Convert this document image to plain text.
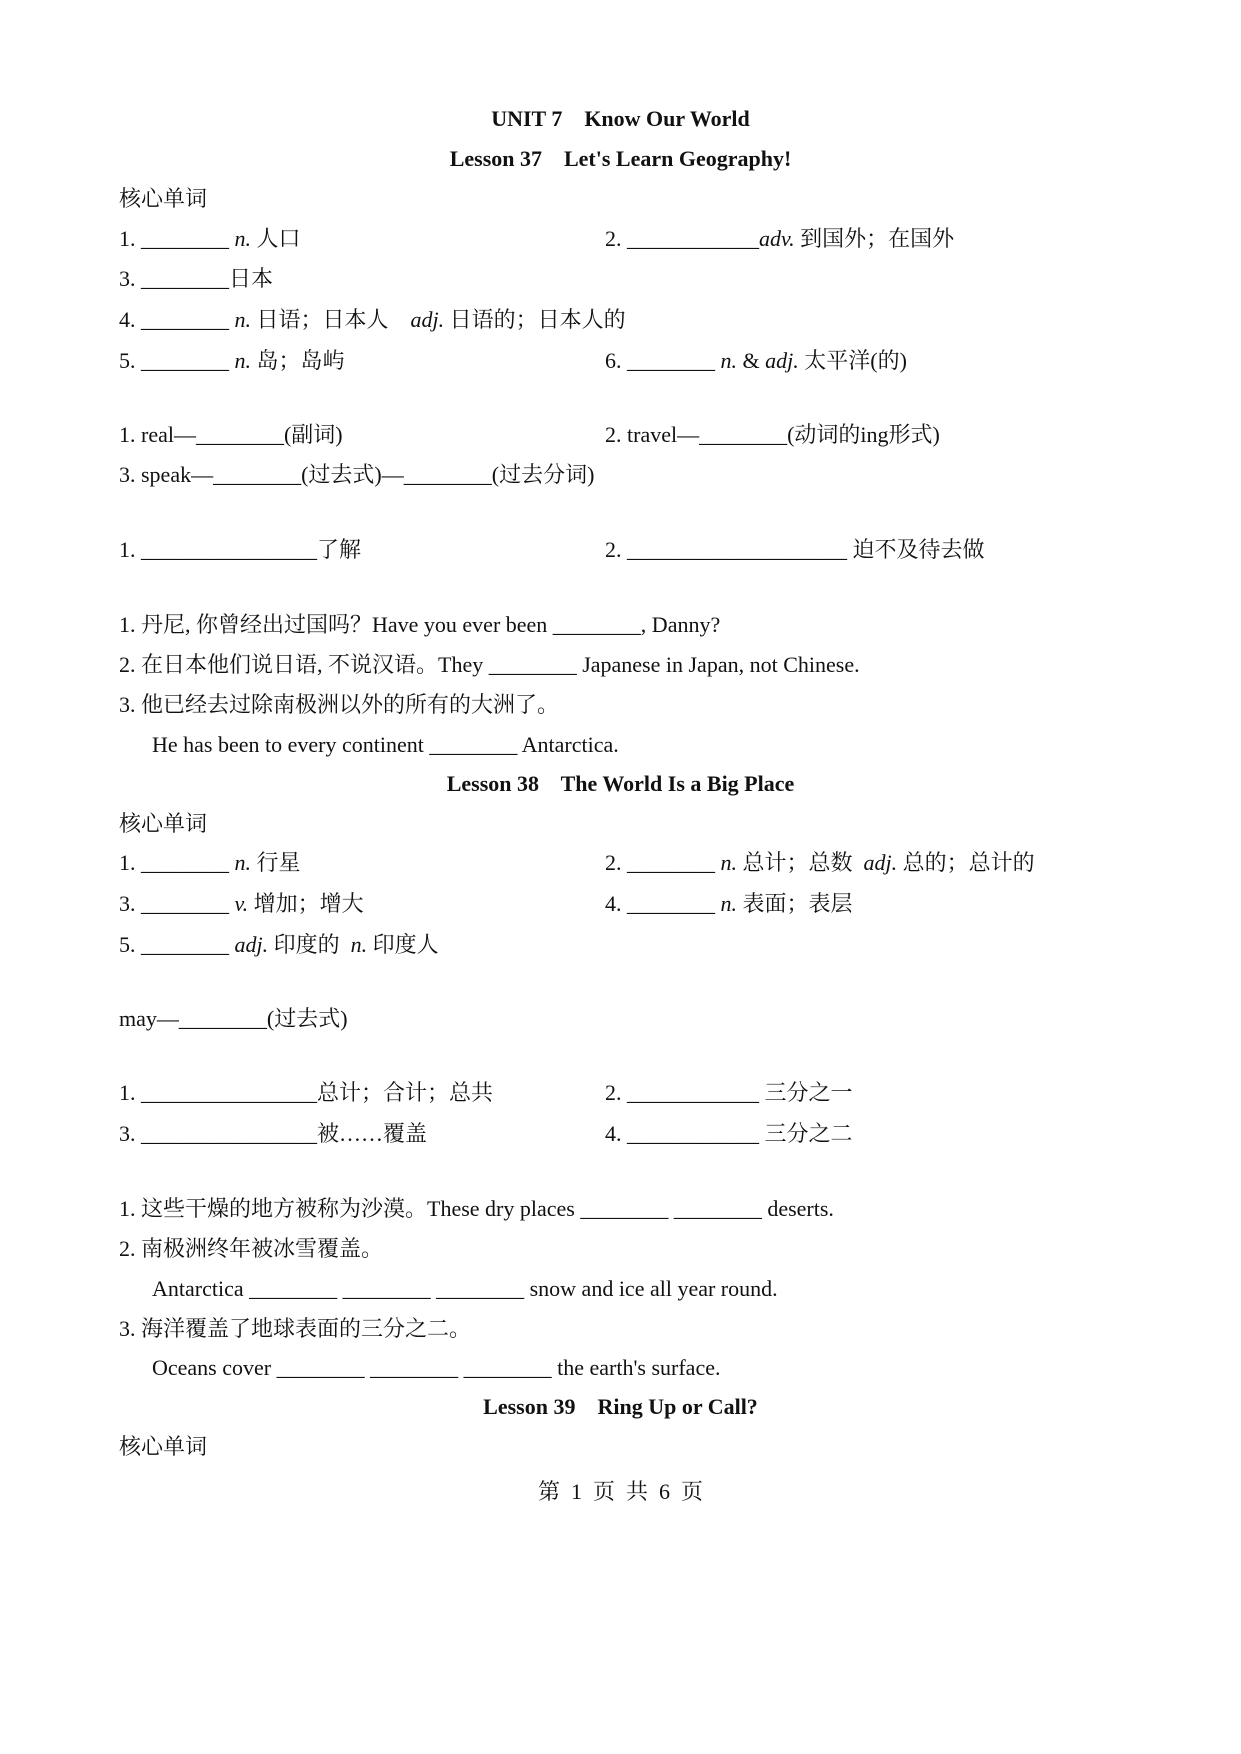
UNIT 7    Know Our World
Lesson 37    Let's Learn Geography!
核心单词
1. ________ n. 人口	2. ____________adv. 到国外；在国外
3. ________日本
4. ________ n. 日语；日本人    adj. 日语的；日本人的
5. ________ n. 岛；岛屿	6. ________ n. & adj. 太平洋(的)
1. real—________(副词)	2. travel—________(动词的ing形式)
3. speak—________(过去式)—________(过去分词)
1. ________________了解	2. ____________________ 迫不及待去做
1. 丹尼, 你曾经出过国吗？Have you ever been ________, Danny?
2. 在日本他们说日语, 不说汉语。They ________ Japanese in Japan, not Chinese.
3. 他已经去过除南极洲以外的所有的大洲了。
He has been to every continent ________ Antarctica.
Lesson 38    The World Is a Big Place
核心单词
1. ________ n. 行星	2. ________ n. 总计；总数  adj. 总的；总计的
3. ________ v. 增加；增大	4. ________ n. 表面；表层
5. ________ adj. 印度的  n. 印度人
may—________(过去式)
1. ________________总计；合计；总共	2. ____________ 三分之一
3. ________________被……覆盖	4. ____________ 三分之二
1. 这些干燥的地方被称为沙漠。These dry places ________ ________ deserts.
2. 南极洲终年被冰雪覆盖。
Antarctica ________ ________ ________ snow and ice all year round.
3. 海洋覆盖了地球表面的三分之二。
Oceans cover ________ ________ ________ the earth's surface.
Lesson 39    Ring Up or Call?
核心单词
第  1  页  共  6  页
